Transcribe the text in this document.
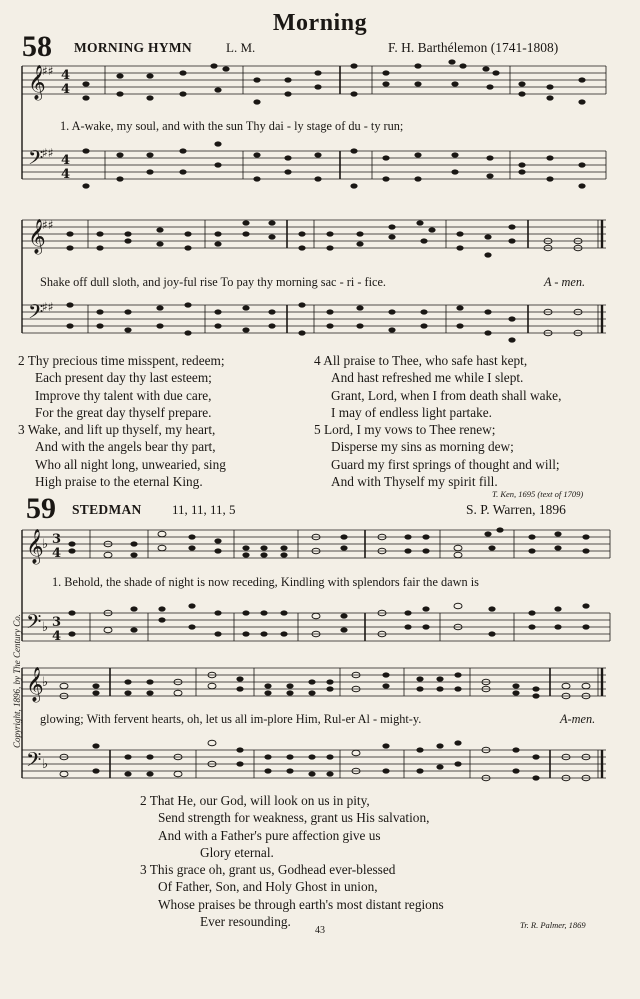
Morning
58 MORNING HYMN	L. M.	F. H. Barthélemon (1741-1808)
𝄞
𝄢
𝄞
𝄢
♯♯
♯♯
♯♯
♯♯
4
4
4
4
1. A-wake, my soul, and with the sun Thy dai - ly stage of du - ty run;
Shake off dull sloth, and joy-ful rise To pay thy morning sac - ri - fice.	A - men.
2 Thy precious time misspent, redeem;
Each present day thy last esteem;
Improve thy talent with due care,
For the great day thyself prepare.
3 Wake, and lift up thyself, my heart,
And with the angels bear thy part,
Who all night long, unwearied, sing
High praise to the eternal King.
4 All praise to Thee, who safe hast kept,
And hast refreshed me while I slept.
Grant, Lord, when I from death shall wake,
I may of endless light partake.
5 Lord, I my vows to Thee renew;
Disperse my sins as morning dew;
Guard my first springs of thought and will;
And with Thyself my spirit fill.
T. Ken, 1695 (text of 1709)
59 STEDMAN 11, 11, 11, 5	S. P. Warren, 1896
𝄞
𝄢
𝄞
𝄢
♭
♭
♭
♭
3
4
3
4
1. Behold, the shade of night is now receding, Kindling with splendors fair the dawn is
glowing; With fervent hearts, oh, let us all im-plore Him, Rul-er Al - might-y.	A-men.
Copyright, 1896, by The Century Co.
2 That He, our God, will look on us in pity,
Send strength for weakness, grant us His salvation,
And with a Father's pure affection give us
Glory eternal.
3 This grace oh, grant us, Godhead ever-blessed
Of Father, Son, and Holy Ghost in union,
Whose praises be through earth's most distant regions
Ever resounding.	Tr. R. Palmer, 1869
43
